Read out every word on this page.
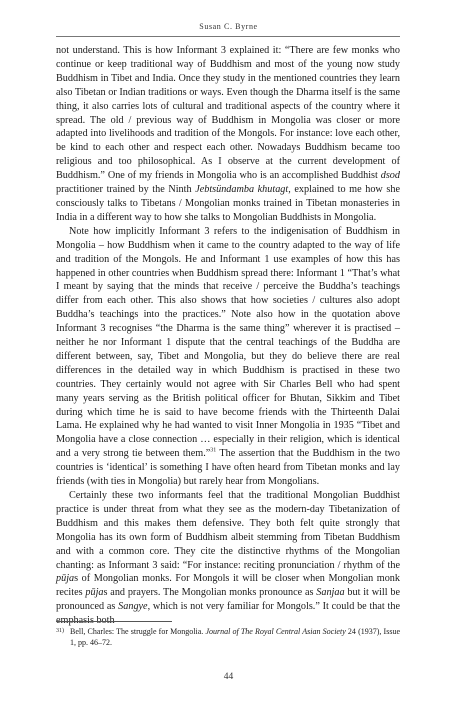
Susan C. Byrne

not understand. This is how Informant 3 explained it: “There are few monks who continue or keep traditional way of Buddhism and most of the young now study Buddhism in Tibet and India. Once they study in the mentioned countries they learn also Tibetan or Indian traditions or ways. Even though the Dharma itself is the same thing, it also carries lots of cultural and traditional aspects of the country where it spread. The old / previous way of Buddhism in Mongolia was closer or more adapted into livelihoods and tradition of the Mongols. For instance: love each other, be kind to each other and respect each other. Nowadays Buddhism became too religious and too philosophical. As I observe at the current development of Buddhism.” One of my friends in Mongolia who is an accomplished Buddhist dsod practitioner trained by the Ninth Jebtsündamba khutagt, explained to me how she consciously talks to Tibetans / Mongolian monks trained in Tibetan monasteries in India in a different way to how she talks to Mongolian Buddhists in Mongolia.

Note how implicitly Informant 3 refers to the indigenisation of Buddhism in Mongolia – how Buddhism when it came to the country adapted to the way of life and tradition of the Mongols. He and Informant 1 use examples of how this has happened in other countries when Buddhism spread there: Informant 1 “That’s what I meant by saying that the minds that receive / perceive the Buddha’s teachings differ from each other. This also shows that how societies / cultures also adopt Buddha’s teachings into the practices.” Note also how in the quotation above Informant 3 recognises “the Dharma is the same thing” wherever it is practised – neither he nor Informant 1 dispute that the central teachings of the Buddha are different between, say, Tibet and Mongolia, but they do believe there are real differences in the detailed way in which Buddhism is practised in these two countries. They certainly would not agree with Sir Charles Bell who had spent many years serving as the British political officer for Bhutan, Sikkim and Tibet during which time he is said to have become friends with the Thirteenth Dalai Lama. He explained why he had wanted to visit Inner Mongolia in 1935 “Tibet and Mongolia have a close connection … especially in their religion, which is identical and a very strong tie between them.”$^{31}$ The assertion that the Buddhism in the two countries is ‘identical’ is something I have often heard from Tibetan monks and lay friends (with ties in Mongolia) but rarely hear from Mongolians.

Certainly these two informants feel that the traditional Mongolian Buddhist practice is under threat from what they see as the modern-day Tibetanization of Buddhism and this makes them defensive. They both felt quite strongly that Mongolia has its own form of Buddhism albeit stemming from Tibetan Buddhism and with a common core. They cite the distinctive rhythms of the Mongolian chanting: as Informant 3 said: “For instance: reciting pronunciation / rhythm of the pūjas of Mongolian monks. For Mongols it will be closer when Mongolian monk recites pūjas and prayers. The Mongolian monks pronounce as Sanjaa but it will be pronounced as Sangye, which is not very familiar for Mongols.” It could be that the emphasis both

31) Bell, Charles: The struggle for Mongolia. Journal of The Royal Central Asian Society 24 (1937), Issue 1, pp. 46–72.
44
